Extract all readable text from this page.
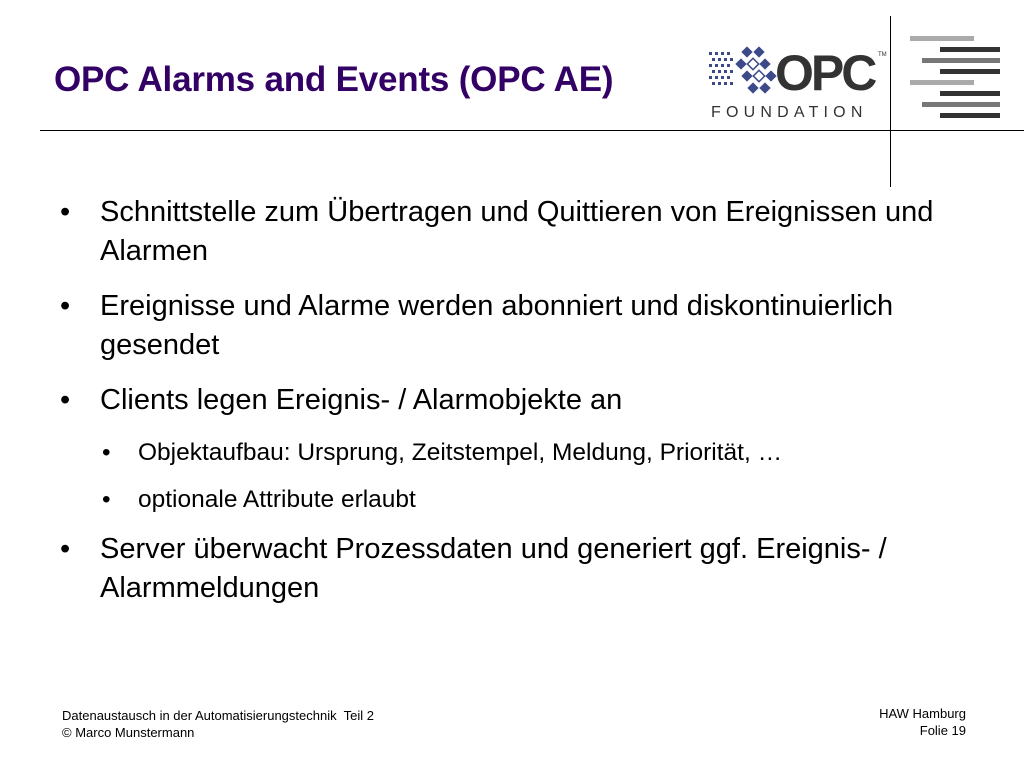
OPC Alarms and Events (OPC AE)	OPC TM
FOUNDATION
• Schnittstelle zum Übertragen und Quittieren von Ereignissen und Alarmen
• Ereignisse und Alarme werden abonniert und diskontinuierlich gesendet
• Clients legen Ereignis- / Alarmobjekte an
• Objektaufbau: Ursprung, Zeitstempel, Meldung, Priorität, …
• optionale Attribute erlaubt
• Server überwacht Prozessdaten und generiert ggf. Ereignis- / Alarmmeldungen
Datenaustausch in der Automatisierungstechnik  Teil 2
© Marco Munstermann
HAW Hamburg
Folie 19
